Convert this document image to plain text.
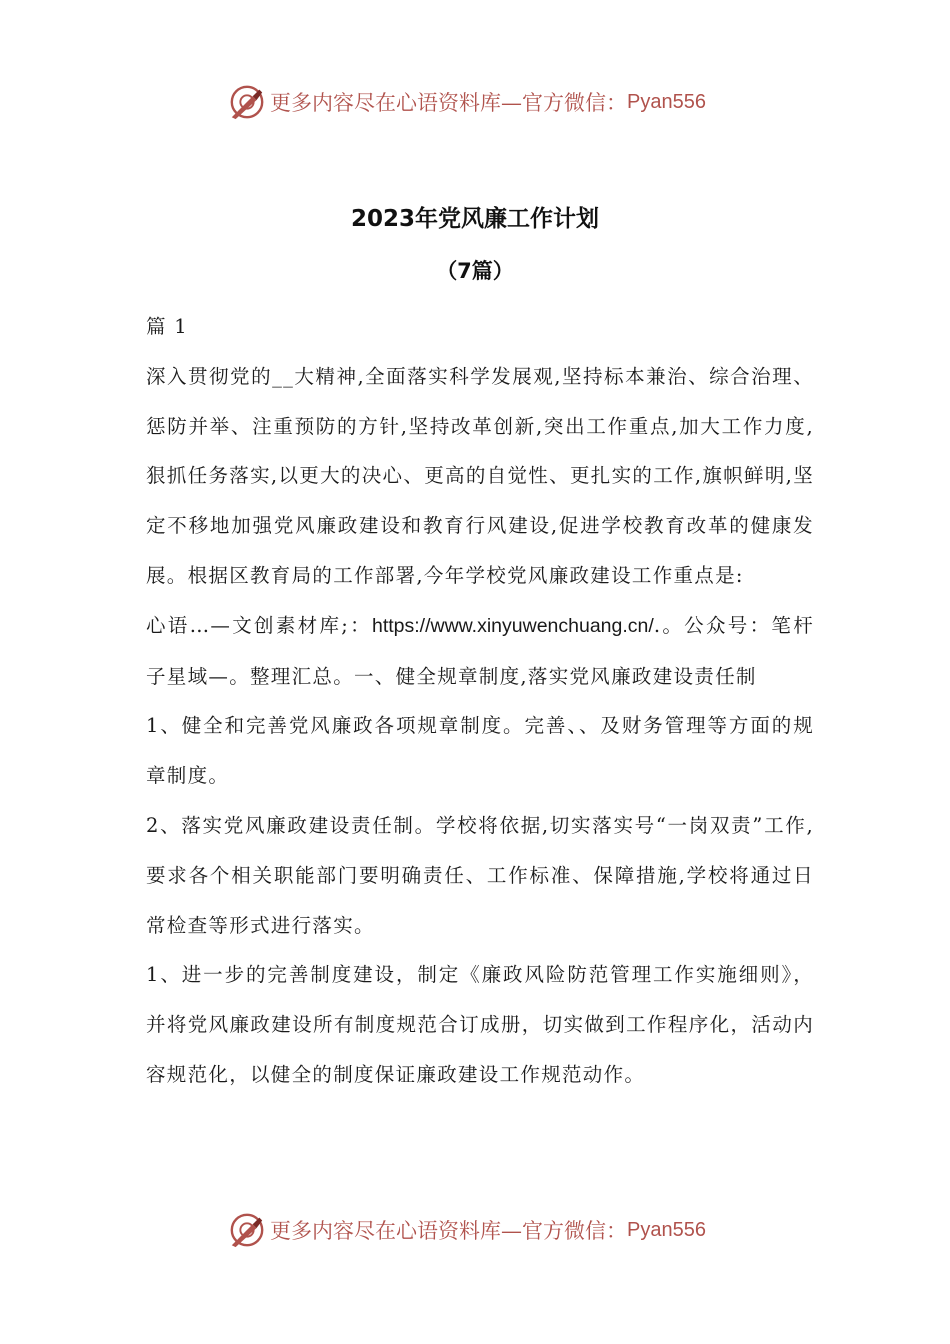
更多内容尽在心语资料库—官方微信： Pyan556
2023年党风廉工作计划
（7篇）

篇 1

深入贯彻党的__大精神,全面落实科学发展观,坚持标本兼治、综合治理、惩防并举、注重预防的方针,坚持改革创新,突出工作重点,加大工作力度,狠抓任务落实,以更大的决心、更高的自觉性、更扎实的工作,旗帜鲜明,坚定不移地加强党风廉政建设和教育行风建设,促进学校教育改革的健康发展。根据区教育局的工作部署,今年学校党风廉政建设工作重点是:

心语…—文创素材库;：https://www.xinyuwenchuang.cn/.。公众号：笔杆子星域—。整理汇总。一、健全规章制度,落实党风廉政建设责任制

1、健全和完善党风廉政各项规章制度。完善、、及财务管理等方面的规章制度。

2、落实党风廉政建设责任制。学校将依据,切实落实号“一岗双责”工作,要求各个相关职能部门要明确责任、工作标准、保障措施,学校将通过日常检查等形式进行落实。

1、进一步的完善制度建设，制定《廉政风险防范管理工作实施细则》，并将党风廉政建设所有制度规范合订成册，切实做到工作程序化，活动内容规范化，以健全的制度保证廉政建设工作规范动作。

更多内容尽在心语资料库—官方微信： Pyan556
